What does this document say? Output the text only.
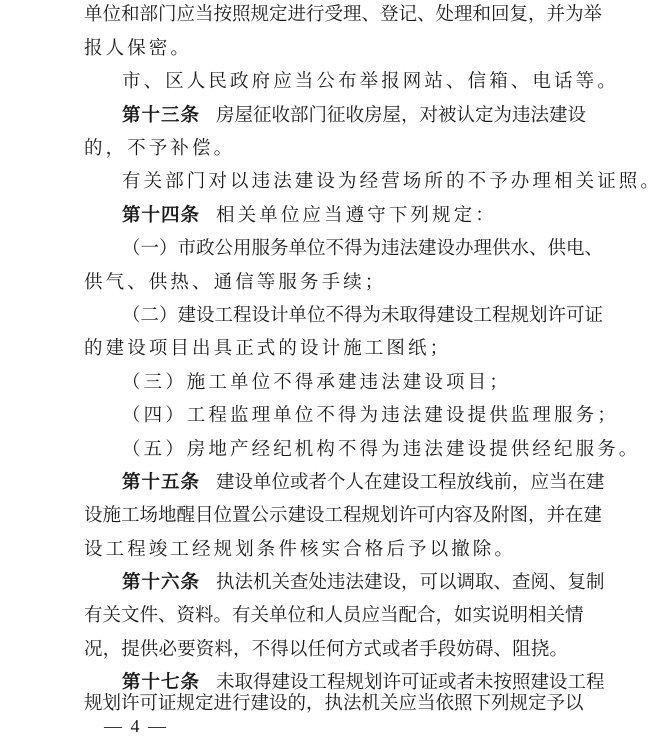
单位和部门应当按照规定进行受理、登记、处理和回复，并为举
报人保密。
市、区人民政府应当公布举报网站、信箱、电话等。
第十三条 房屋征收部门征收房屋，对被认定为违法建设
的，不予补偿。
有关部门对以违法建设为经营场所的不予办理相关证照。
第十四条 相关单位应当遵守下列规定：
（一）市政公用服务单位不得为违法建设办理供水、供电、
供气、供热、通信等服务手续；
（二）建设工程设计单位不得为未取得建设工程规划许可证
的建设项目出具正式的设计施工图纸；
（三）施工单位不得承建违法建设项目；
（四）工程监理单位不得为违法建设提供监理服务；
（五）房地产经纪机构不得为违法建设提供经纪服务。
第十五条 建设单位或者个人在建设工程放线前，应当在建
设施工场地醒目位置公示建设工程规划许可内容及附图，并在建
设工程竣工经规划条件核实合格后予以撤除。
第十六条 执法机关查处违法建设，可以调取、查阅、复制
有关文件、资料。有关单位和人员应当配合，如实说明相关情
况，提供必要资料，不得以任何方式或者手段妨碍、阻挠。
第十七条 未取得建设工程规划许可证或者未按照建设工程
规划许可证规定进行建设的，执法机关应当依照下列规定予以
— 4 —
